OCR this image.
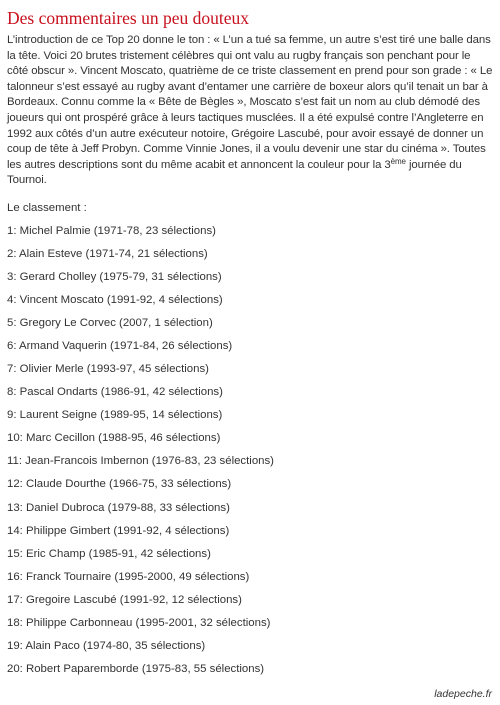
Des commentaires un peu douteux

L’introduction de ce Top 20 donne le ton : « L’un a tué sa femme, un autre s’est tiré une balle dans la tête. Voici 20 brutes tristement célèbres qui ont valu au rugby français son penchant pour le côté obscur ». Vincent Moscato, quatrième de ce triste classement en prend pour son grade : « Le talonneur s’est essayé au rugby avant d’entamer une carrière de boxeur alors qu’il tenait un bar à Bordeaux. Connu comme la « Bête de Bègles », Moscato s’est fait un nom au club démodé des joueurs qui ont prospéré grâce à leurs tactiques musclées. Il a été expulsé contre l’Angleterre en 1992 aux côtés d’un autre exécuteur notoire, Grégoire Lascubé, pour avoir essayé de donner un coup de tête à Jeff Probyn. Comme Vinnie Jones, il a voulu devenir une star du cinéma ». Toutes les autres descriptions sont du même acabit et annoncent la couleur pour la 3ème journée du Tournoi.

Le classement :

1: Michel Palmie (1971-78, 23 sélections)
2: Alain Esteve (1971-74, 21 sélections)
3: Gerard Cholley (1975-79, 31 sélections)
4: Vincent Moscato (1991-92, 4 sélections)
5: Gregory Le Corvec (2007, 1 sélection)
6: Armand Vaquerin (1971-84, 26 sélections)
7: Olivier Merle (1993-97, 45 sélections)
8: Pascal Ondarts (1986-91, 42 sélections)
9: Laurent Seigne (1989-95, 14 sélections)
10: Marc Cecillon (1988-95, 46 sélections)
11: Jean-Francois Imbernon (1976-83, 23 sélections)
12: Claude Dourthe (1966-75, 33 sélections)
13: Daniel Dubroca (1979-88, 33 sélections)
14: Philippe Gimbert (1991-92, 4 sélections)
15: Eric Champ (1985-91, 42 sélections)
16: Franck Tournaire (1995-2000, 49 sélections)
17: Gregoire Lascubé (1991-92, 12 sélections)
18: Philippe Carbonneau (1995-2001, 32 sélections)
19: Alain Paco (1974-80, 35 sélections)
20: Robert Paparemborde (1975-83, 55 sélections)
ladepeche.fr
